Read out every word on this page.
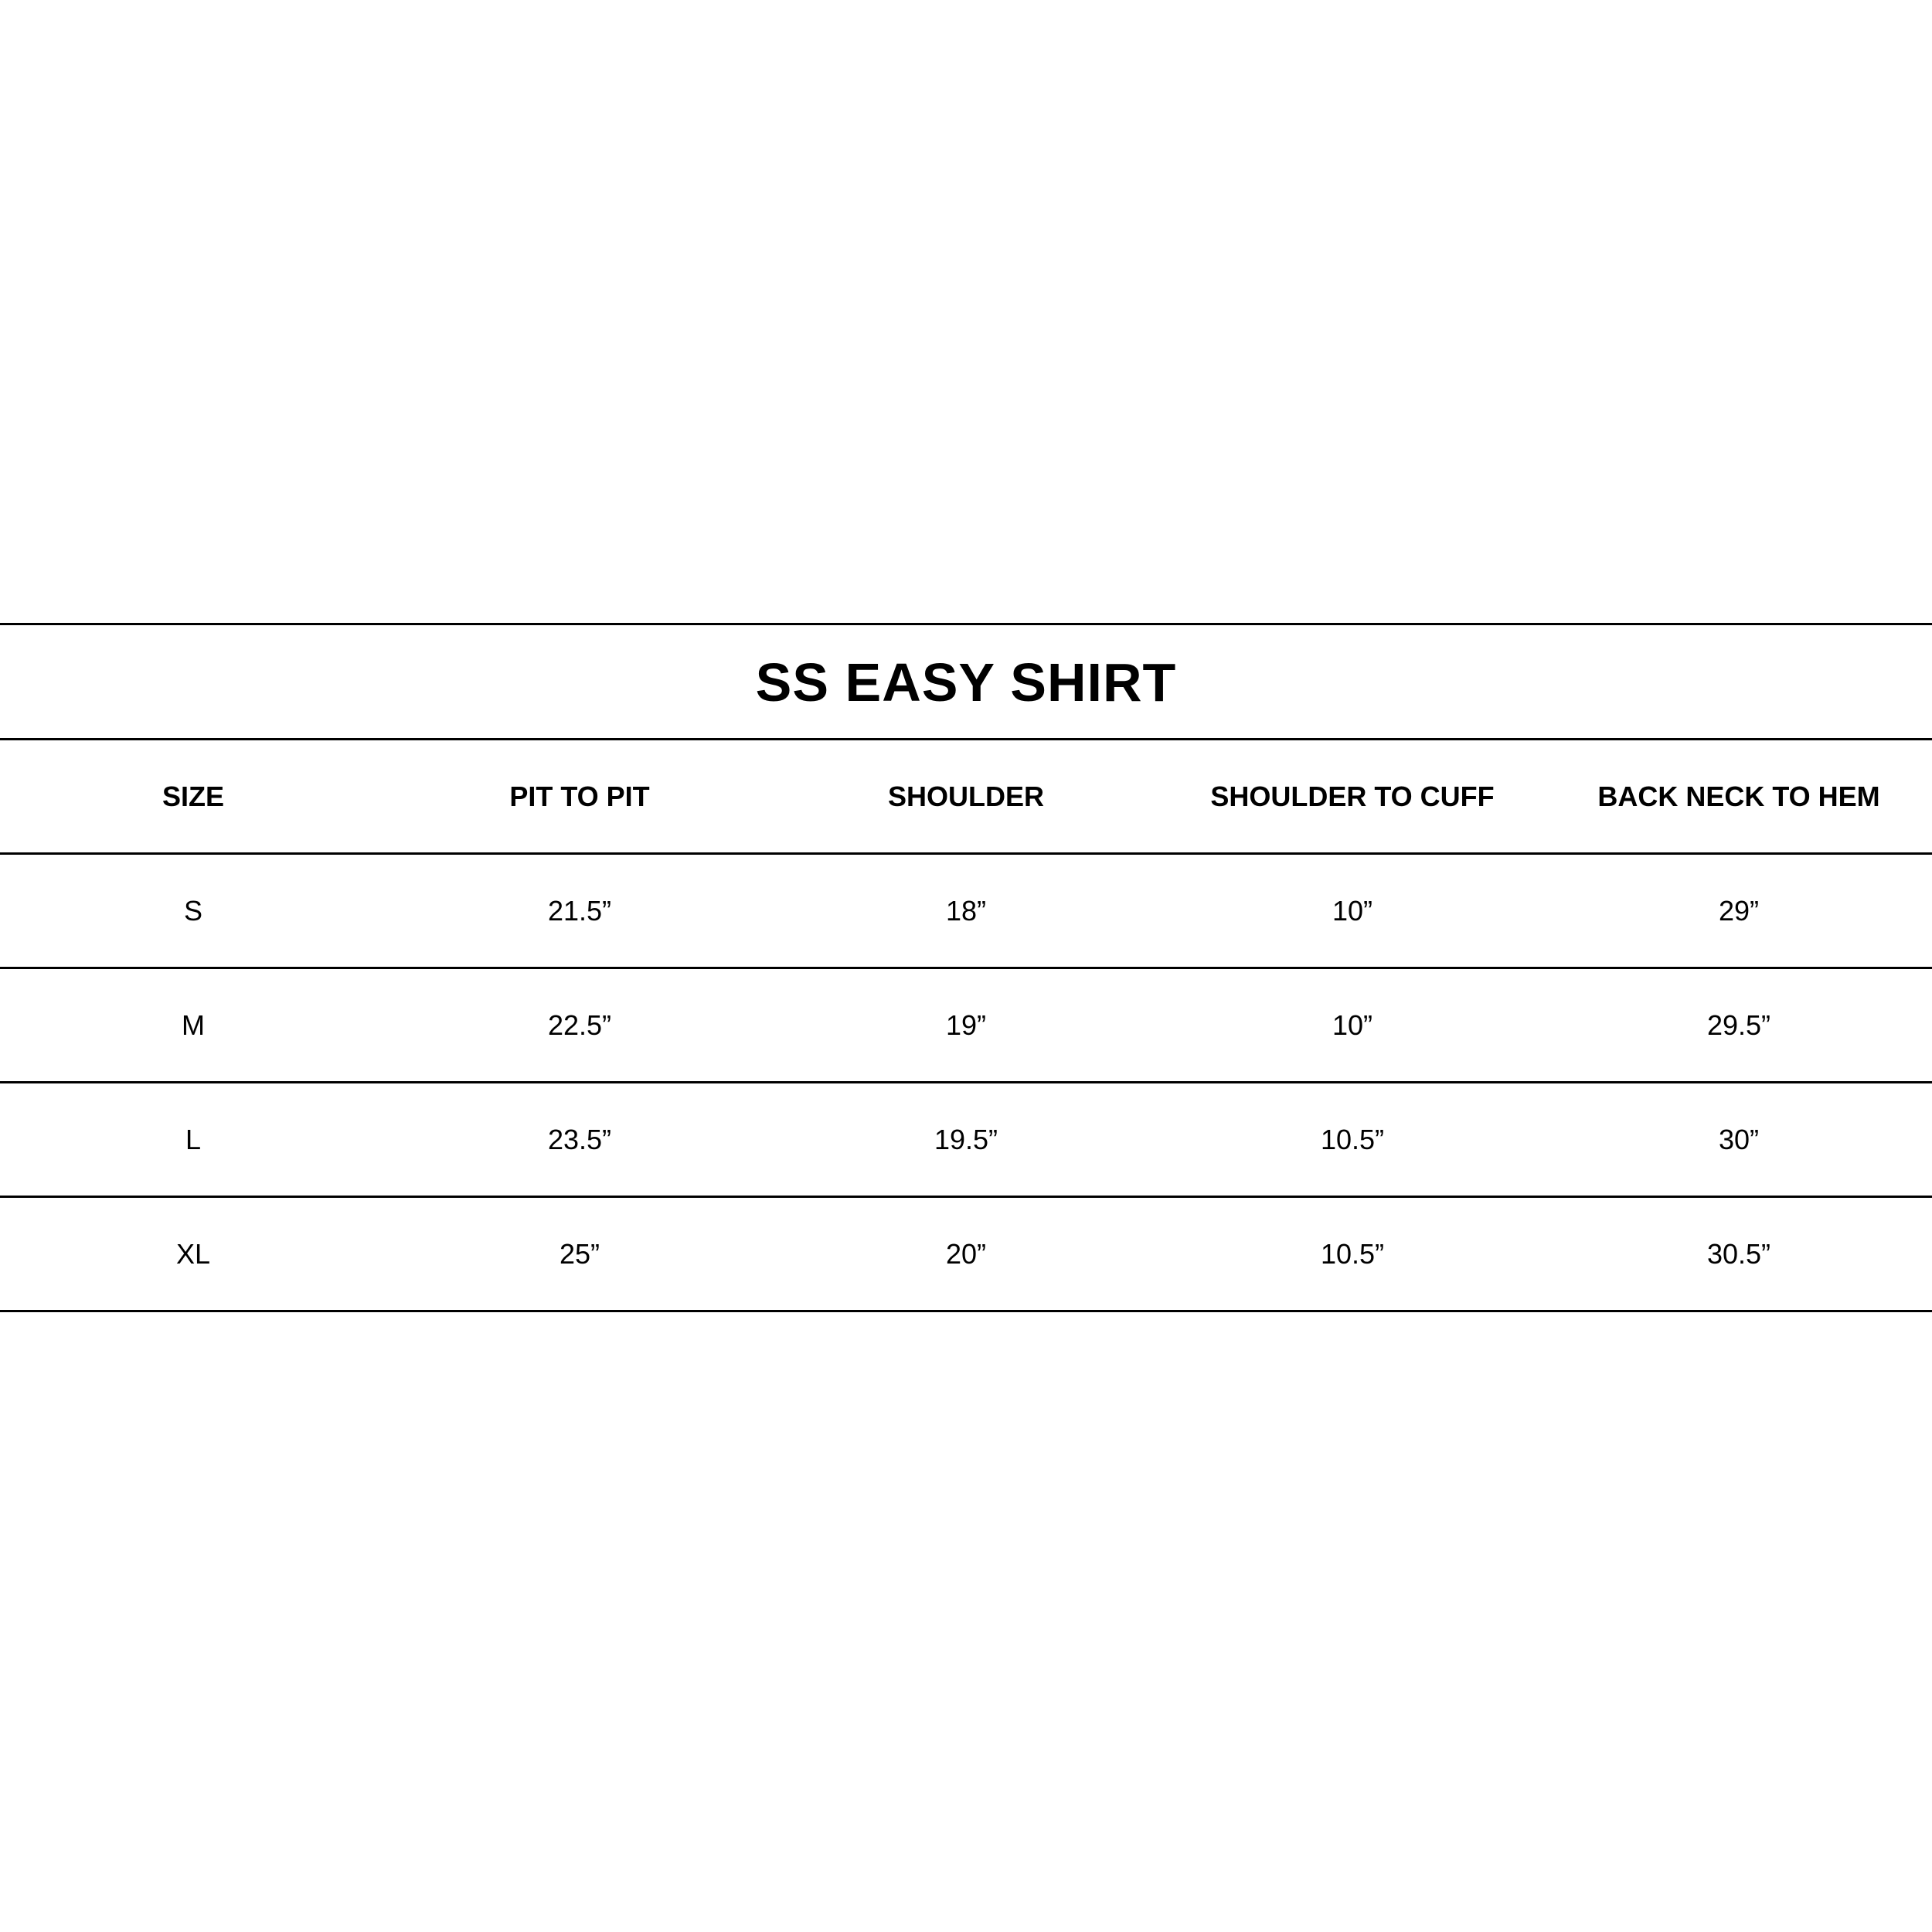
SS EASY SHIRT
SIZE	PIT TO PIT	SHOULDER	SHOULDER TO CUFF	BACK NECK TO HEM
S	21.5”	18”	10”	29”
M	22.5”	19”	10”	29.5”
L	23.5”	19.5”	10.5”	30”
XL	25”	20”	10.5”	30.5”
